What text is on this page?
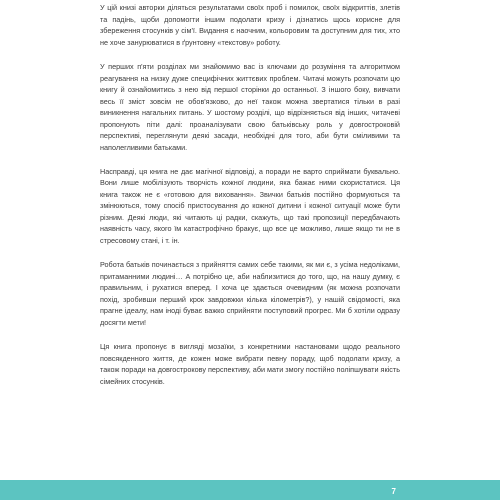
У цій книзі авторки діляться результатами своїх проб і помилок, своїх відкриттів, злетів та падінь, щоби допомогти іншим подолати кризу і дізнатись щось корисне для збереження стосунків у сім'ї. Видання є наочним, кольоровим та доступним для тих, хто не хоче занурюватися в ґрунтовну «текстову» роботу.

У перших п'яти розділах ми знайомимо вас із ключами до розуміння та алгоритмом реагування на низку дуже специфічних життєвих проблем. Читачі можуть розпочати цю книгу й ознайомитись з нею від першої сторінки до останньої. З іншого боку, вивчати весь її зміст зовсім не обов'язково, до неї також можна звертатися тільки в разі виникнення нагальних питань. У шостому розділі, що відрізняється від інших, читачеві пропонують піти далі: проаналізувати свою батьківську роль у довгостроковій перспективі, переглянути деякі засади, необхідні для того, аби бути сміливими та наполегливими батьками.

Насправді, ця книга не дає магічної відповіді, а поради не варто сприймати буквально. Вони лише мобілізують творчість кожної людини, яка бажає ними скористатися. Ця книга також не є «готовою для виховання». Звички батьків постійно формуються та змінюються, тому спосіб пристосування до кожної дитини і кожної ситуації може бути різним. Деякі люди, які читають ці радки, скажуть, що такі пропозиції передбачають наявність часу, якого їм катастрофічно бракує, що все це можливо, лише якщо ти не в стресовому стані, і т. ін.

Робота батьків починається з прийняття самих себе такими, як ми є, з усіма недоліками, притаманними людині… А потрібно це, аби наблизитися до того, що, на нашу думку, є правильним, і рухатися вперед. І хоча це здається очевидним (як можна розпочати похід, зробивши перший крок завдовжки кілька кілометрів?), у нашій свідомості, яка прагне ідеалу, нам іноді буває важко сприйняти поступовий прогрес. Ми б хотіли одразу досягти мети!

Ця книга пропонує в вигляді мозаїки, з конкретними настановами щодо реального повсякденного життя, де кожен може вибрати певну пораду, щоб подолати кризу, а також поради на довгострокову перспективу, аби мати змогу постійно поліпшувати якість сімейних стосунків.

7
